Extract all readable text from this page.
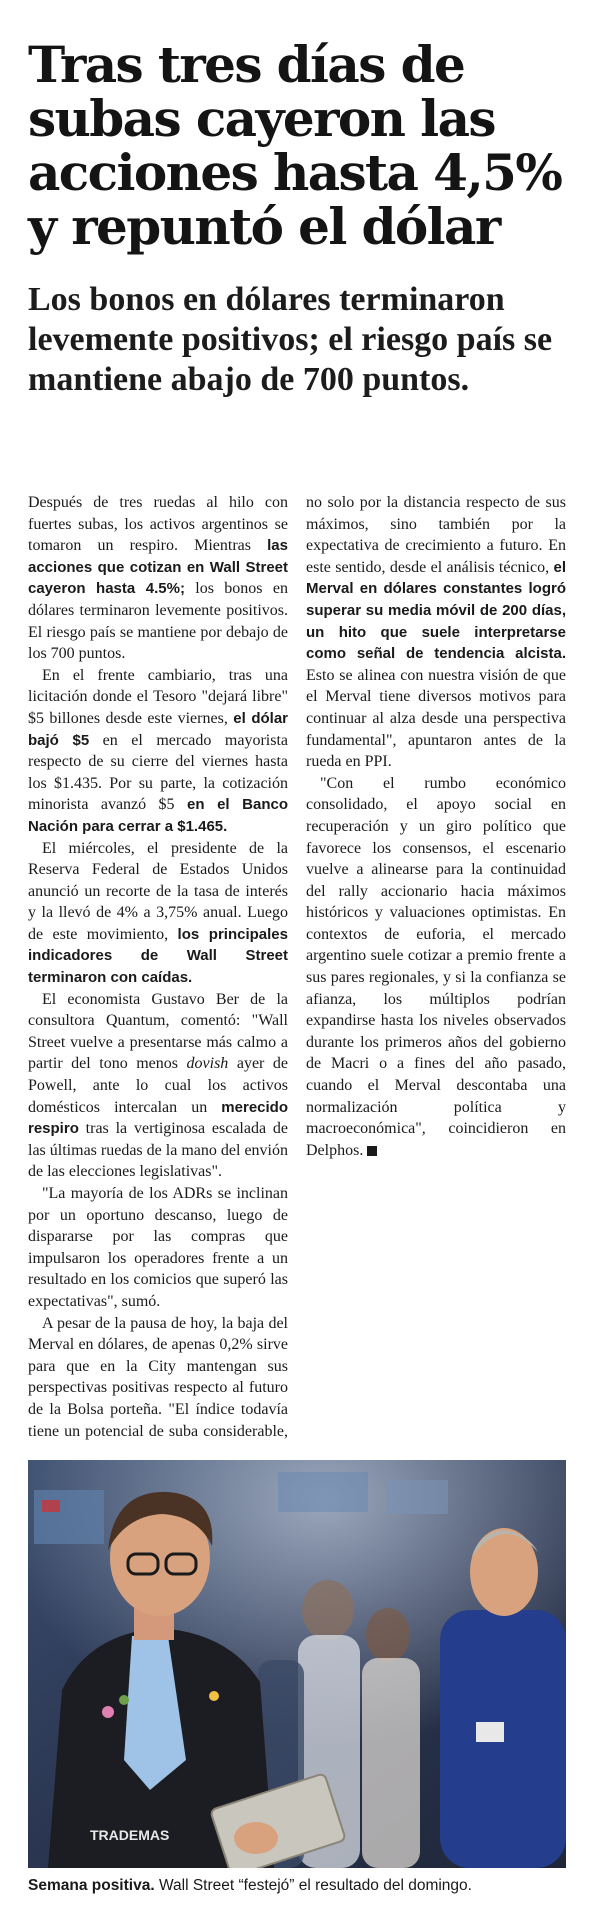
Tras tres días de subas cayeron las acciones hasta 4,5% y repuntó el dólar
Los bonos en dólares terminaron levemente positivos; el riesgo país se mantiene abajo de 700 puntos.

Después de tres ruedas al hilo con fuertes subas, los activos argentinos se tomaron un respiro. Mientras las acciones que cotizan en Wall Street cayeron hasta 4.5%; los bonos en dólares terminaron levemente positivos. El riesgo país se mantiene por debajo de los 700 puntos.

En el frente cambiario, tras una licitación donde el Tesoro "dejará libre" $5 billones desde este viernes, el dólar bajó $5 en el mercado mayorista respecto de su cierre del viernes hasta los $1.435. Por su parte, la cotización minorista avanzó $5 en el Banco Nación para cerrar a $1.465.

El miércoles, el presidente de la Reserva Federal de Estados Unidos anunció un recorte de la tasa de interés y la llevó de 4% a 3,75% anual. Luego de este movimiento, los principales indicadores de Wall Street terminaron con caídas.

El economista Gustavo Ber de la consultora Quantum, comentó: "Wall Street vuelve a presentarse más calmo a partir del tono menos dovish ayer de Powell, ante lo cual los activos domésticos intercalan un merecido respiro tras la vertiginosa escalada de las últimas ruedas de la mano del envión de las elecciones legislativas".

"La mayoría de los ADRs se inclinan por un oportuno descanso, luego de dispararse por las compras que impulsaron los operadores frente a un resultado en los comicios que superó las expectativas", sumó.

A pesar de la pausa de hoy, la baja del Merval en dólares, de apenas 0,2% sirve para que en la City mantengan sus perspectivas positivas respecto al futuro de la Bolsa porteña. "El índice todavía tiene un potencial de suba considerable, no solo por la distancia respecto de sus máximos, sino también por la expectativa de crecimiento a futuro. En este sentido, desde el análisis técnico, el Merval en dólares constantes logró superar su media móvil de 200 días, un hito que suele interpretarse como señal de tendencia alcista. Esto se alinea con nuestra visión de que el Merval tiene diversos motivos para continuar al alza desde una perspectiva fundamental", apuntaron antes de la rueda en PPI.

"Con el rumbo económico consolidado, el apoyo social en recuperación y un giro político que favorece los consensos, el escenario vuelve a alinearse para la continuidad del rally accionario hacia máximos históricos y valuaciones optimistas. En contextos de euforia, el mercado argentino suele cotizar a premio frente a sus pares regionales, y si la confianza se afianza, los múltiplos podrían expandirse hasta los niveles observados durante los primeros años del gobierno de Macri o a fines del año pasado, cuando el Merval descontaba una normalización política y macroeconómica", coincidieron en Delphos.

TRADEMAS
Semana positiva. Wall Street “festejó” el resultado del domingo.
